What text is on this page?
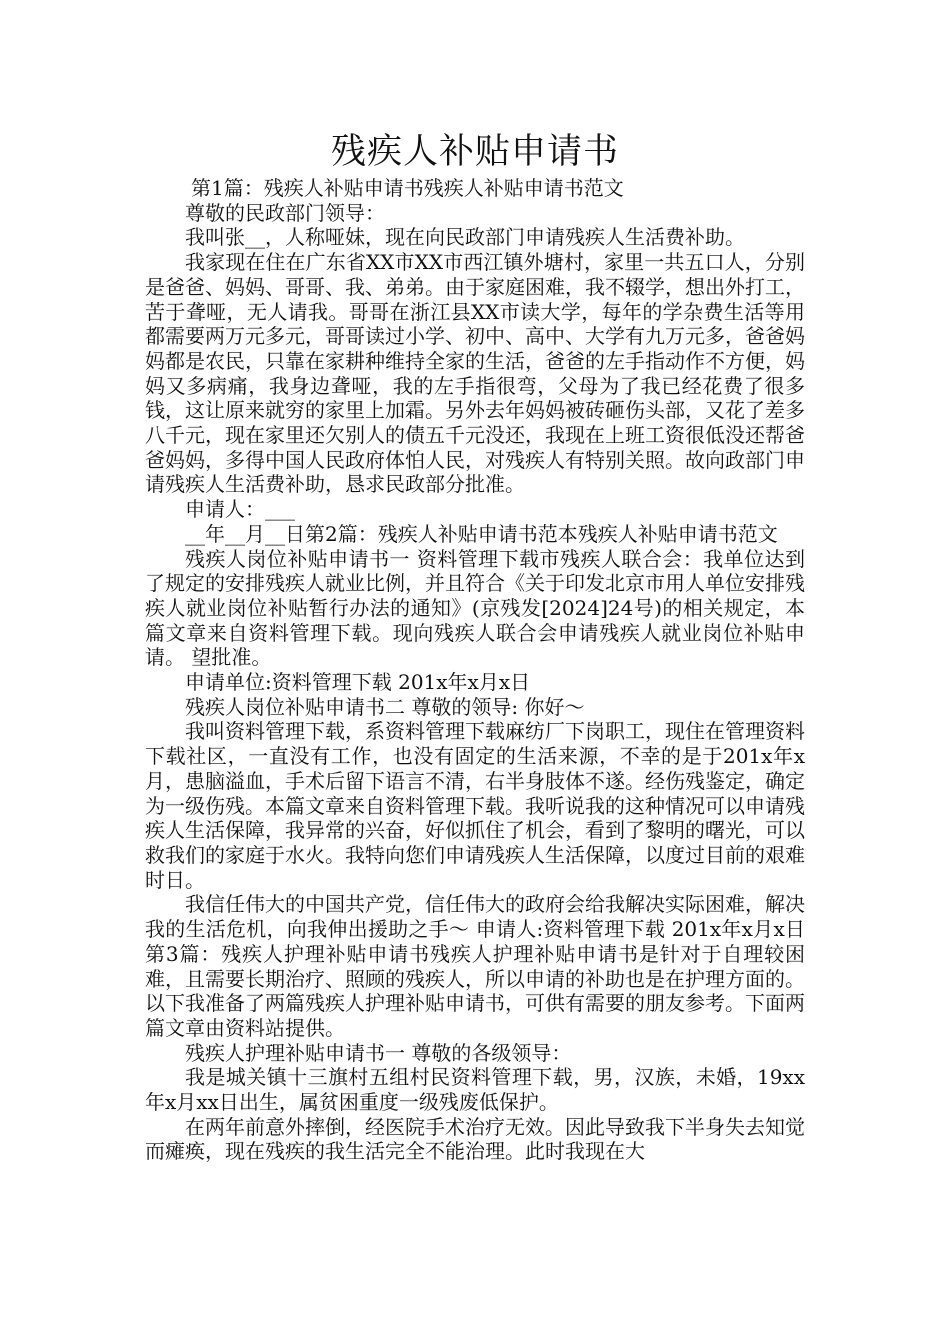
残疾人补贴申请书

第1篇：残疾人补贴申请书残疾人补贴申请书范文

尊敬的民政部门领导：

我叫张__，人称哑妹，现在向民政部门申请残疾人生活费补助。

我家现在住在广东省XX市XX市西江镇外塘村，家里一共五口人，分别是爸爸、妈妈、哥哥、我、弟弟。由于家庭困难，我不辍学，想出外打工，苦于聋哑，无人请我。哥哥在浙江县XX市读大学，每年的学杂费生活等用都需要两万元多元，哥哥读过小学、初中、高中、大学有九万元多，爸爸妈妈都是农民，只靠在家耕种维持全家的生活，爸爸的左手指动作不方便，妈妈又多病痛，我身边聋哑，我的左手指很弯，父母为了我已经花费了很多钱，这让原来就穷的家里上加霜。另外去年妈妈被砖砸伤头部，又花了差多八千元，现在家里还欠别人的债五千元没还，我现在上班工资很低没还帮爸爸妈妈，多得中国人民政府体怕人民，对残疾人有特别关照。故向政部门申请残疾人生活费补助，恳求民政部分批准。

申请人：___

__年__月__日第2篇：残疾人补贴申请书范本残疾人补贴申请书范文

残疾人岗位补贴申请书一 资料管理下载市残疾人联合会：我单位达到了规定的安排残疾人就业比例，并且符合《关于印发北京市用人单位安排残疾人就业岗位补贴暂行办法的通知》(京残发[2024]24号)的相关规定，本篇文章来自资料管理下载。现向残疾人联合会申请残疾人就业岗位补贴申请。 望批准。

申请单位:资料管理下载 201x年x月x日

残疾人岗位补贴申请书二 尊敬的领导: 你好～

我叫资料管理下载，系资料管理下载麻纺厂下岗职工，现住在管理资料下载社区，一直没有工作，也没有固定的生活来源，不幸的是于201x年x月，患脑溢血，手术后留下语言不清，右半身肢体不遂。经伤残鉴定，确定为一级伤残。本篇文章来自资料管理下载。我听说我的这种情况可以申请残疾人生活保障，我异常的兴奋，好似抓住了机会，看到了黎明的曙光，可以救我们的家庭于水火。我特向您们申请残疾人生活保障，以度过目前的艰难时日。

我信任伟大的中国共产党，信任伟大的政府会给我解决实际困难，解决我的生活危机，向我伸出援助之手～ 申请人:资料管理下载 201x年x月x日第3篇：残疾人护理补贴申请书残疾人护理补贴申请书是针对于自理较困难，且需要长期治疗、照顾的残疾人，所以申请的补助也是在护理方面的。以下我准备了两篇残疾人护理补贴申请书，可供有需要的朋友参考。下面两篇文章由资料站提供。

残疾人护理补贴申请书一 尊敬的各级领导：

我是城关镇十三旗村五组村民资料管理下载，男，汉族，未婚，19xx年x月xx日出生，属贫困重度一级残废低保护。

在两年前意外摔倒，经医院手术治疗无效。因此导致我下半身失去知觉而瘫痪，现在残疾的我生活完全不能治理。此时我现在大
